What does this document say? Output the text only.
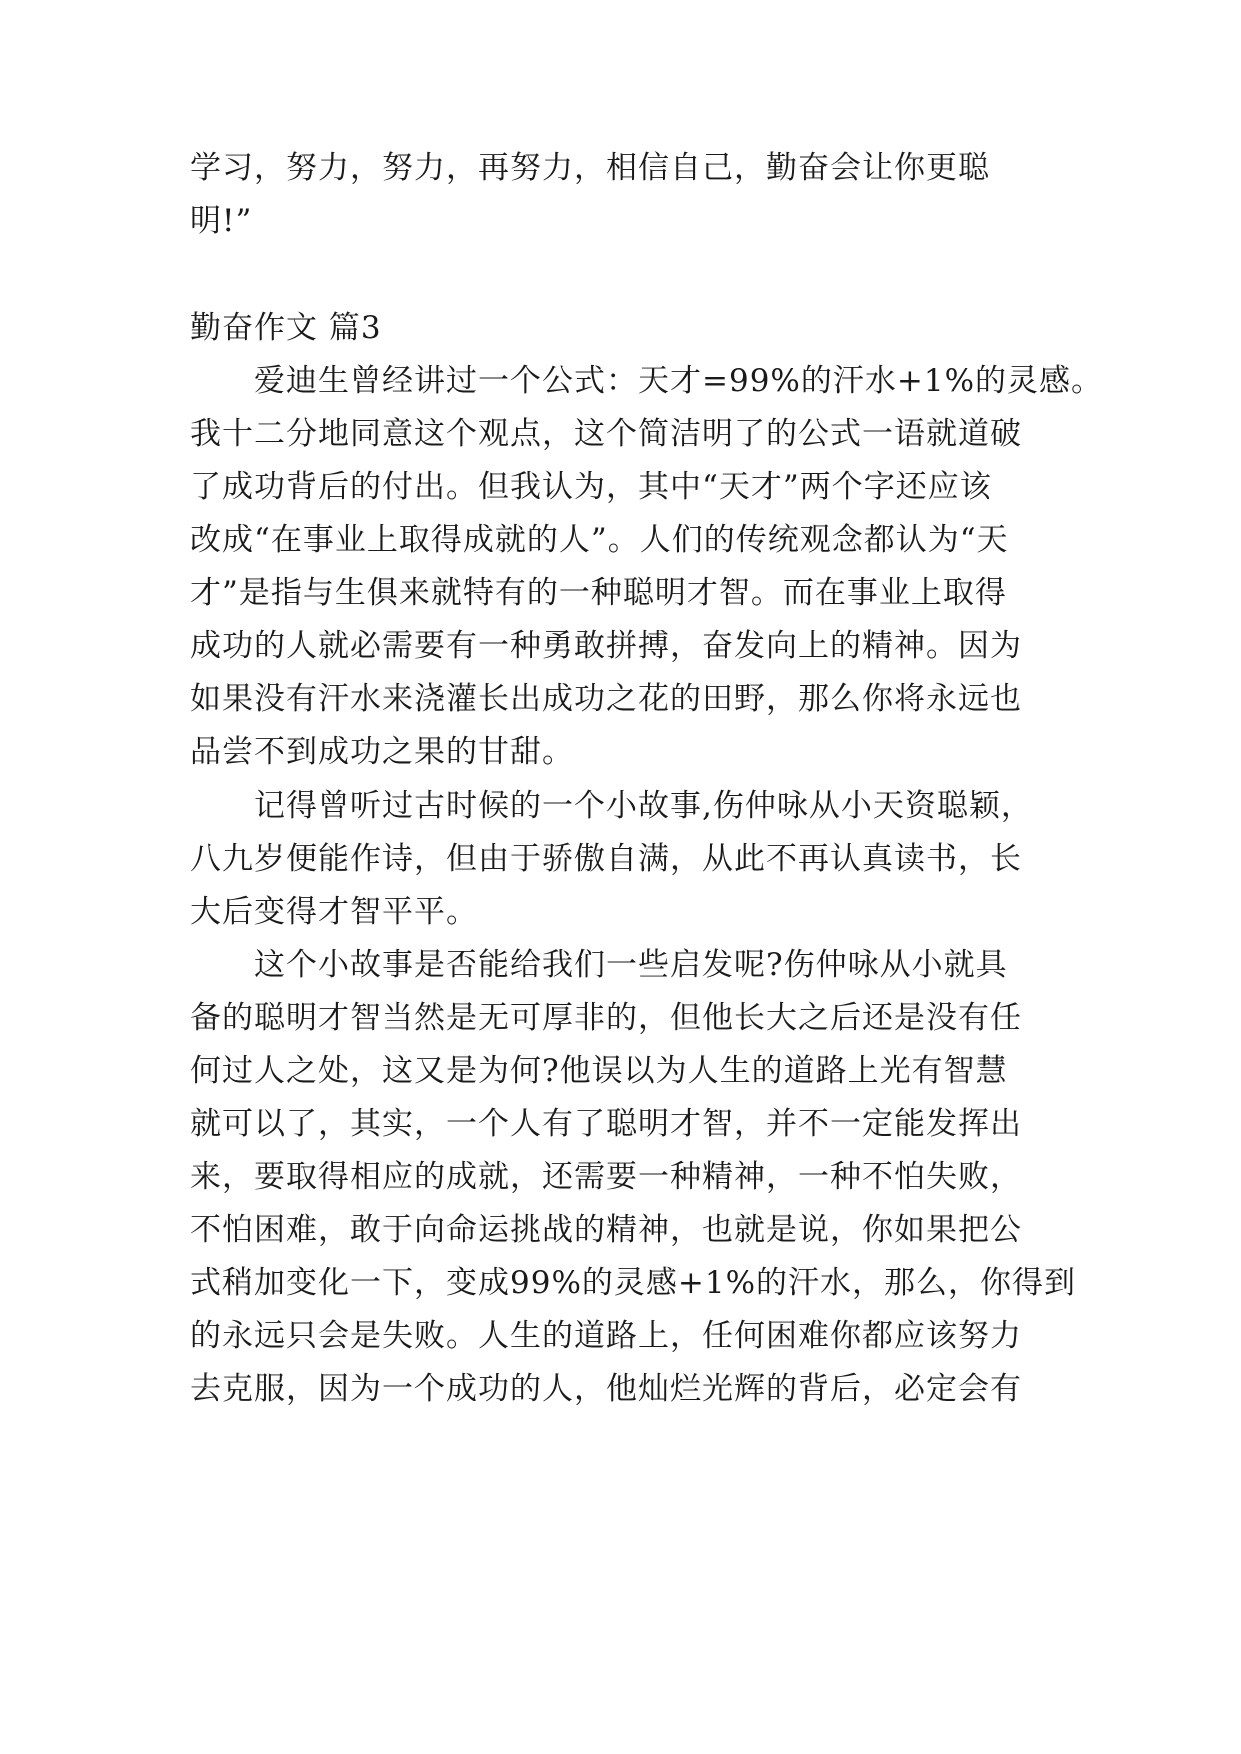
学习，努力，努力，再努力，相信自己，勤奋会让你更聪
明!”
勤奋作文 篇3
爱迪生曾经讲过一个公式：天才=99%的汗水+1%的灵感。
我十二分地同意这个观点，这个简洁明了的公式一语就道破
了成功背后的付出。但我认为，其中“天才”两个字还应该
改成“在事业上取得成就的人”。人们的传统观念都认为“天
才”是指与生俱来就特有的一种聪明才智。而在事业上取得
成功的人就必需要有一种勇敢拼搏，奋发向上的精神。因为
如果没有汗水来浇灌长出成功之花的田野，那么你将永远也
品尝不到成功之果的甘甜。
记得曾听过古时候的一个小故事,伤仲咏从小天资聪颖，
八九岁便能作诗，但由于骄傲自满，从此不再认真读书，长
大后变得才智平平。
这个小故事是否能给我们一些启发呢?伤仲咏从小就具
备的聪明才智当然是无可厚非的，但他长大之后还是没有任
何过人之处，这又是为何?他误以为人生的道路上光有智慧
就可以了，其实，一个人有了聪明才智，并不一定能发挥出
来，要取得相应的成就，还需要一种精神，一种不怕失败，
不怕困难，敢于向命运挑战的精神，也就是说，你如果把公
式稍加变化一下，变成99%的灵感+1%的汗水，那么，你得到
的永远只会是失败。人生的道路上，任何困难你都应该努力
去克服，因为一个成功的人，他灿烂光辉的背后，必定会有
